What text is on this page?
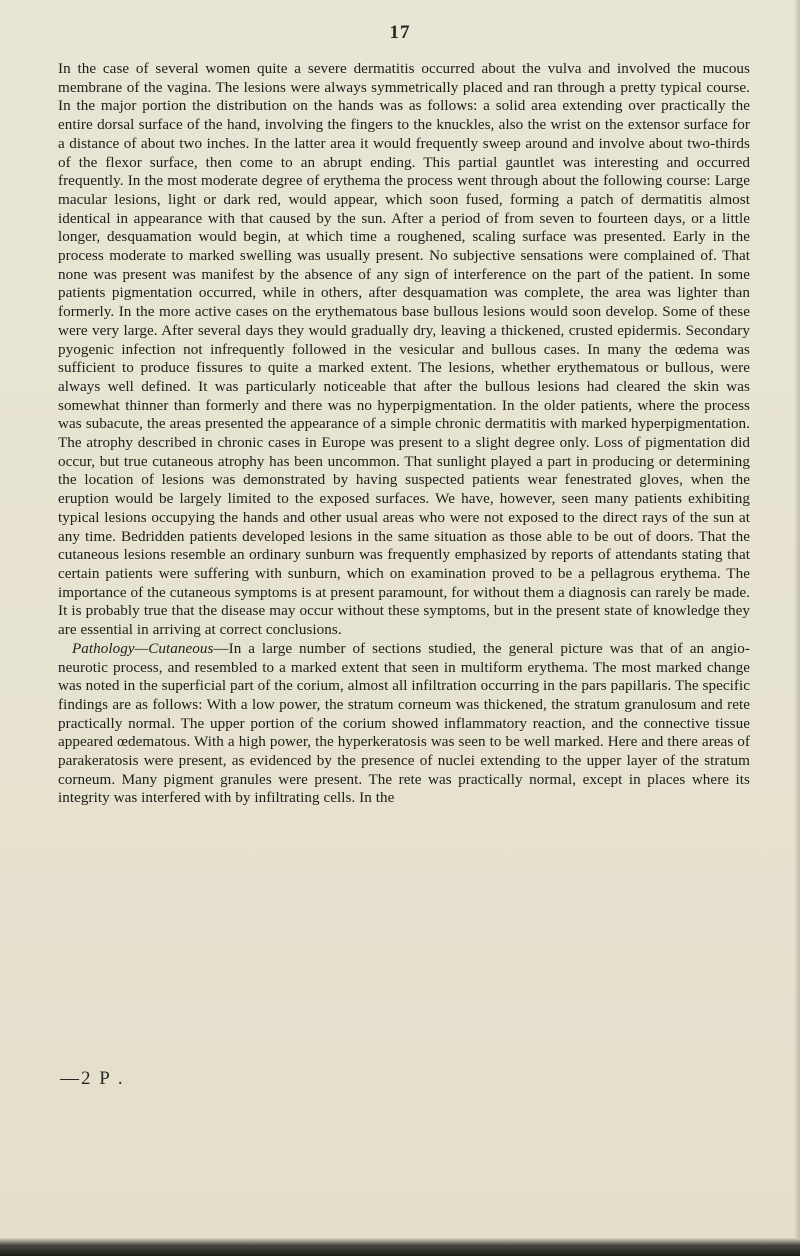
17

In the case of several women quite a severe dermatitis occurred about the vulva and involved the mucous membrane of the vagina. The lesions were always symmetrically placed and ran through a pretty typical course. In the major portion the distribution on the hands was as follows: a solid area extending over practically the entire dorsal surface of the hand, involving the fingers to the knuckles, also the wrist on the extensor surface for a distance of about two inches. In the latter area it would frequently sweep around and involve about two-thirds of the flexor surface, then come to an abrupt ending. This partial gauntlet was interesting and occurred frequently. In the most moderate degree of erythema the process went through about the following course: Large macular lesions, light or dark red, would appear, which soon fused, forming a patch of dermatitis almost identical in appearance with that caused by the sun. After a period of from seven to fourteen days, or a little longer, desquamation would begin, at which time a roughened, scaling surface was presented. Early in the process moderate to marked swelling was usually present. No subjective sensations were complained of. That none was present was manifest by the absence of any sign of interference on the part of the patient. In some patients pigmentation occurred, while in others, after desquamation was complete, the area was lighter than formerly. In the more active cases on the erythematous base bullous lesions would soon develop. Some of these were very large. After several days they would gradually dry, leaving a thickened, crusted epidermis. Secondary pyogenic infection not infrequently followed in the vesicular and bullous cases. In many the œdema was sufficient to produce fissures to quite a marked extent. The lesions, whether erythematous or bullous, were always well defined. It was particularly noticeable that after the bullous lesions had cleared the skin was somewhat thinner than formerly and there was no hyperpigmentation. In the older patients, where the process was subacute, the areas presented the appearance of a simple chronic dermatitis with marked hyperpigmentation. The atrophy described in chronic cases in Europe was present to a slight degree only. Loss of pigmentation did occur, but true cutaneous atrophy has been uncommon. That sunlight played a part in producing or determining the location of lesions was demonstrated by having suspected patients wear fenestrated gloves, when the eruption would be largely limited to the exposed surfaces. We have, however, seen many patients exhibiting typical lesions occupying the hands and other usual areas who were not exposed to the direct rays of the sun at any time. Bedridden patients developed lesions in the same situation as those able to be out of doors. That the cutaneous lesions resemble an ordinary sunburn was frequently emphasized by reports of attendants stating that certain patients were suffering with sunburn, which on examination proved to be a pellagrous erythema. The importance of the cutaneous symptoms is at present paramount, for without them a diagnosis can rarely be made. It is probably true that the disease may occur without these symptoms, but in the present state of knowledge they are essential in arriving at correct conclusions.

Pathology—Cutaneous—In a large number of sections studied, the general picture was that of an angio-neurotic process, and resembled to a marked extent that seen in multiform erythema. The most marked change was noted in the superficial part of the corium, almost all infiltration occurring in the pars papillaris. The specific findings are as follows: With a low power, the stratum corneum was thickened, the stratum granulosum and rete practically normal. The upper portion of the corium showed inflammatory reaction, and the connective tissue appeared œdematous. With a high power, the hyperkeratosis was seen to be well marked. Here and there areas of parakeratosis were present, as evidenced by the presence of nuclei extending to the upper layer of the stratum corneum. Many pigment granules were present. The rete was practically normal, except in places where its integrity was interfered with by infiltrating cells. In the

—2 P .
